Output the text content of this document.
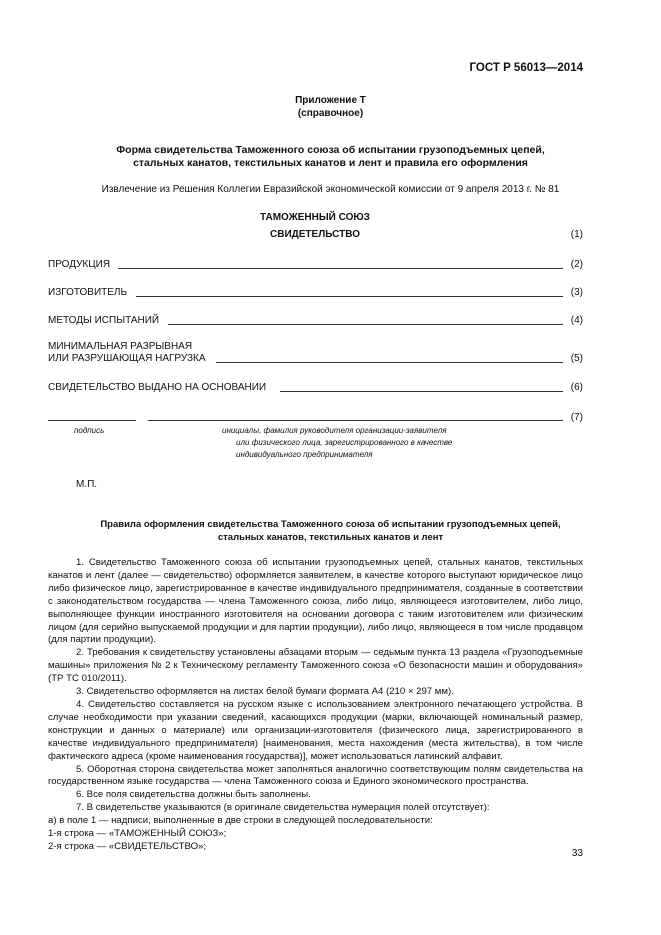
ГОСТ Р 56013—2014
Приложение Т
(справочное)
Форма свидетельства Таможенного союза об испытании грузоподъемных цепей,
стальных канатов, текстильных канатов и лент и правила его оформления
Извлечение из Решения Коллегии Евразийской экономической комиссии от 9 апреля 2013 г. № 81
ТАМОЖЕННЫЙ СОЮЗ
СВИДЕТЕЛЬСТВО	(1)
ПРОДУКЦИЯ	(2)
ИЗГОТОВИТЕЛЬ	(3)
МЕТОДЫ ИСПЫТАНИЙ	(4)
МИНИМАЛЬНАЯ РАЗРЫВНАЯ
ИЛИ РАЗРУШАЮЩАЯ НАГРУЗКА	(5)
СВИДЕТЕЛЬСТВО ВЫДАНО НА ОСНОВАНИИ	(6)
(7)
подпись	инициалы, фамилия руководителя организации-заявителя
или физического лица, зарегистрированного в качестве
индивидуального предпринимателя
М.П.
Правила оформления свидетельства Таможенного союза об испытании грузоподъемных цепей,
стальных канатов, текстильных канатов и лент

1. Свидетельство Таможенного союза об испытании грузоподъемных цепей, стальных канатов, текстильных канатов и лент (далее — свидетельство) оформляется заявителем, в качестве которого выступают юридическое лицо либо физическое лицо, зарегистрированное в качестве индивидуального предпринимателя, созданные в соответствии с законодательством государства — члена Таможенного союза, либо лицо, являющееся изготовителем, либо лицо, выполняющее функции иностранного изготовителя на основании договора с таким изготовителем или физическим лицом (для серийно выпускаемой продукции и для партии продукции), либо лицо, являющееся в том числе продавцом (для партии продукции).

2. Требования к свидетельству установлены абзацами вторым — седьмым пункта 13 раздела «Грузоподъемные машины» приложения № 2 к Техническому регламенту Таможенного союза «О безопасности машин и оборудования» (ТР ТС 010/2011).

3. Свидетельство оформляется на листах белой бумаги формата А4 (210 × 297 мм).

4. Свидетельство составляется на русском языке с использованием электронного печатающего устройства. В случае необходимости при указании сведений, касающихся продукции (марки, включающей номинальный размер, конструкции и данных о материале) или организации-изготовителя (физического лица, зарегистрированного в качестве индивидуального предпринимателя) [наименования, места нахождения (места жительства), в том числе фактического адреса (кроме наименования государства)], может использоваться латинский алфавит.

5. Оборотная сторона свидетельства может заполняться аналогично соответствующим полям свидетельства на государственном языке государства — члена Таможенного союза и Единого экономического пространства.

6. Все поля свидетельства должны быть заполнены.

7. В свидетельстве указываются (в оригинале свидетельства нумерация полей отсутствует):

а) в поле 1 — надписи, выполненные в две строки в следующей последовательности:

1-я строка — «ТАМОЖЕННЫЙ СОЮЗ»;

2-я строка — «СВИДЕТЕЛЬСТВО»;

33
